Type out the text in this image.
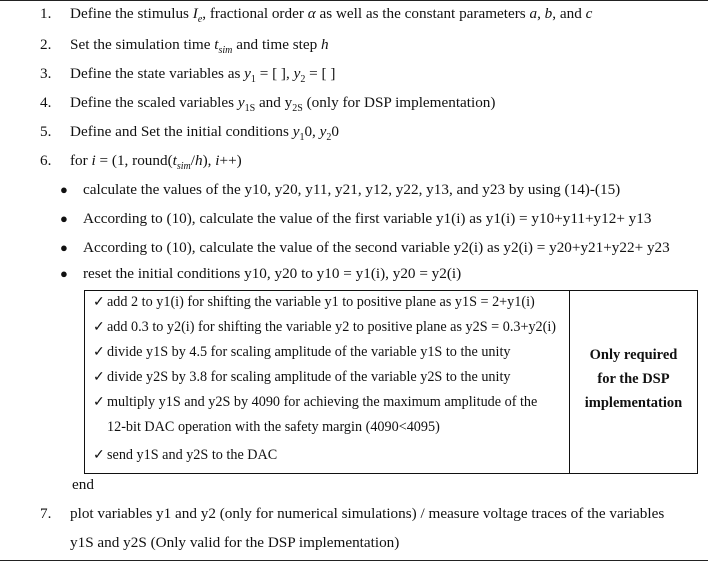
1.	Define the stimulus $I_e$, fractional order α as well as the constant parameters a, b, and c
2.	Set the simulation time $t_{sim}$ and time step h
3.	Define the state variables as $y_1$ = [ ], $y_2$ = [ ]
4.	Define the scaled variables $y_{1S}$ and $y_{2S}$ (only for DSP implementation)
5.	Define and Set the initial conditions $y_10$, $y_20$
6.	for i = (1, $round(t_{sim}/h)$, i++)
● calculate the values of the y10, y20, y11, y21, y12, y22, y13, and y23 by using (14)-(15)
● According to (10), calculate the value of the first variable y1(i) as y1(i) = y10+y11+y12+ y13
● According to (10), calculate the value of the second variable y2(i) as y2(i) = y20+y21+y22+ y23
● reset the initial conditions y10, y20 to y10 = y1(i), y20 = y2(i)
✓ add 2 to y1(i) for shifting the variable y1 to positive plane as y1S = 2+y1(i)
✓ add 0.3 to y2(i) for shifting the variable y2 to positive plane as y2S = 0.3+y2(i)
✓ divide y1S by 4.5 for scaling amplitude of the variable y1S to the unity
✓ divide y2S by 3.8 for scaling amplitude of the variable y2S to the unity
✓ multiply y1S and y2S by 4090 for achieving the maximum amplitude of the
12-bit DAC operation with the safety margin (4090<4095)
✓ send y1S and y2S to the DAC
Only required
for the DSP
implementation
end
7.	plot variables y1 and y2 (only for numerical simulations) / measure voltage traces of the variables
y1S and y2S (Only valid for the DSP implementation)
